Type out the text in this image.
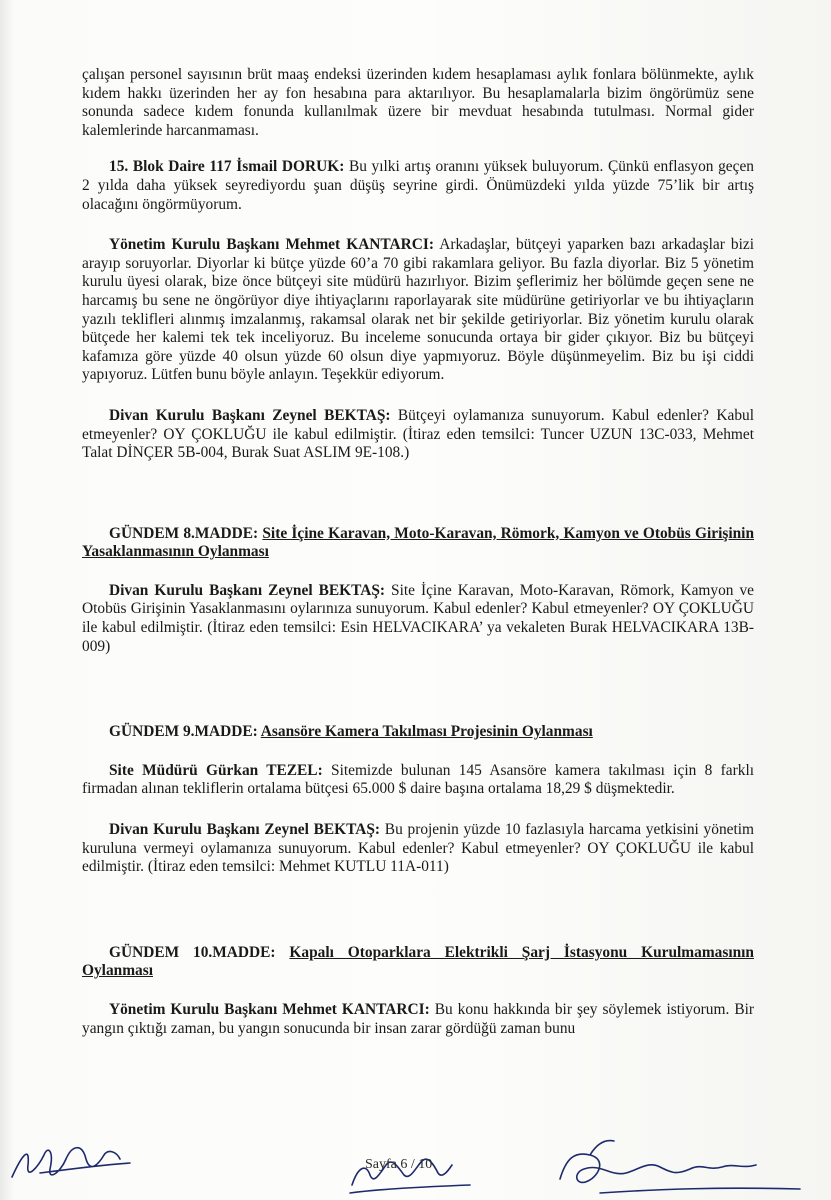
çalışan personel sayısının brüt maaş endeksi üzerinden kıdem hesaplaması aylık fonlara bölünmekte, aylık kıdem hakkı üzerinden her ay fon hesabına para aktarılıyor. Bu hesaplamalarla bizim öngörümüz sene sonunda sadece kıdem fonunda kullanılmak üzere bir mevduat hesabında tutulması. Normal gider kalemlerinde harcanmaması.

15. Blok Daire 117 İsmail DORUK: Bu yılki artış oranını yüksek buluyorum. Çünkü enflasyon geçen 2 yılda daha yüksek seyrediyordu şuan düşüş seyrine girdi. Önümüzdeki yılda yüzde 75’lik bir artış olacağını öngörmüyorum.

Yönetim Kurulu Başkanı Mehmet KANTARCI: Arkadaşlar, bütçeyi yaparken bazı arkadaşlar bizi arayıp soruyorlar. Diyorlar ki bütçe yüzde 60’a 70 gibi rakamlara geliyor. Bu fazla diyorlar. Biz 5 yönetim kurulu üyesi olarak, bize önce bütçeyi site müdürü hazırlıyor. Bizim şeflerimiz her bölümde geçen sene ne harcamış bu sene ne öngörüyor diye ihtiyaçlarını raporlayarak site müdürüne getiriyorlar ve bu ihtiyaçların yazılı teklifleri alınmış imzalanmış, rakamsal olarak net bir şekilde getiriyorlar. Biz yönetim kurulu olarak bütçede her kalemi tek tek inceliyoruz. Bu inceleme sonucunda ortaya bir gider çıkıyor. Biz bu bütçeyi kafamıza göre yüzde 40 olsun yüzde 60 olsun diye yapmıyoruz. Böyle düşünmeyelim. Biz bu işi ciddi yapıyoruz. Lütfen bunu böyle anlayın. Teşekkür ediyorum.

Divan Kurulu Başkanı Zeynel BEKTAŞ: Bütçeyi oylamanıza sunuyorum. Kabul edenler? Kabul etmeyenler? OY ÇOKLUĞU ile kabul edilmiştir. (İtiraz eden temsilci: Tuncer UZUN 13C-033, Mehmet Talat DİNÇER 5B-004, Burak Suat ASLIM 9E-108.)

GÜNDEM 8.MADDE: Site İçine Karavan, Moto-Karavan, Römork, Kamyon ve Otobüs Girişinin Yasaklanmasının Oylanması

Divan Kurulu Başkanı Zeynel BEKTAŞ: Site İçine Karavan, Moto-Karavan, Römork, Kamyon ve Otobüs Girişinin Yasaklanmasını oylarınıza sunuyorum. Kabul edenler? Kabul etmeyenler? OY ÇOKLUĞU ile kabul edilmiştir. (İtiraz eden temsilci: Esin HELVACIKARA’ ya vekaleten Burak HELVACIKARA 13B-009)

GÜNDEM 9.MADDE: Asansöre Kamera Takılması Projesinin Oylanması

Site Müdürü Gürkan TEZEL: Sitemizde bulunan 145 Asansöre kamera takılması için 8 farklı firmadan alınan tekliflerin ortalama bütçesi 65.000 $ daire başına ortalama 18,29 $ düşmektedir.

Divan Kurulu Başkanı Zeynel BEKTAŞ: Bu projenin yüzde 10 fazlasıyla harcama yetkisini yönetim kuruluna vermeyi oylamanıza sunuyorum. Kabul edenler? Kabul etmeyenler? OY ÇOKLUĞU ile kabul edilmiştir. (İtiraz eden temsilci: Mehmet KUTLU 11A-011)

GÜNDEM 10.MADDE: Kapalı Otoparklara Elektrikli Şarj İstasyonu Kurulmamasının Oylanması

Yönetim Kurulu Başkanı Mehmet KANTARCI: Bu konu hakkında bir şey söylemek istiyorum. Bir yangın çıktığı zaman, bu yangın sonucunda bir insan zarar gördüğü zaman bunu

Sayfa 6 / 10
